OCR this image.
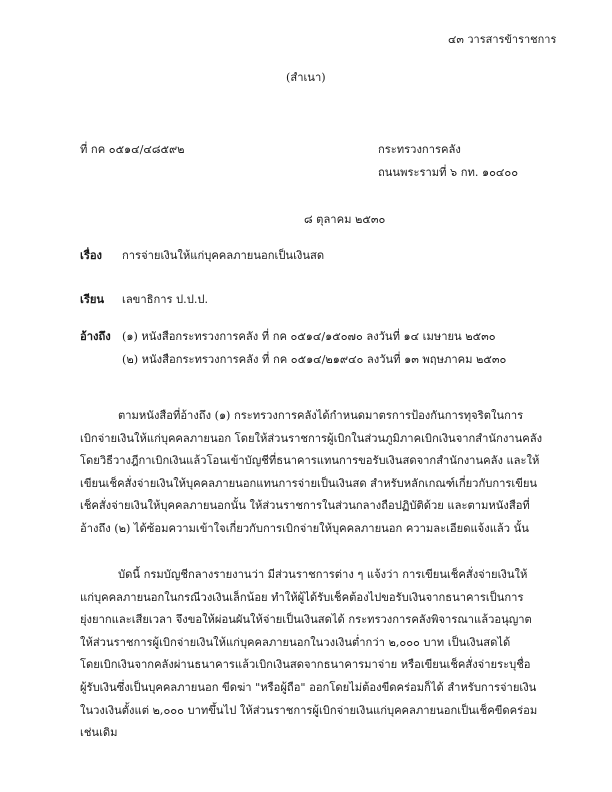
๔๓ วารสารข้าราชการ
(สำเนา)
ที่ กค ๐๕๑๔/๔๘๕๙๒	กระทรวงการคลัง
ถนนพระรามที่ ๖ กท. ๑๐๔๐๐
๘ ตุลาคม ๒๕๓๐
เรื่อง การจ่ายเงินให้แก่บุคคลภายนอกเป็นเงินสด
เรียน เลขาธิการ ป.ป.ป.
อ้างถึง (๑) หนังสือกระทรวงการคลัง ที่ กค ๐๕๑๔/๑๕๐๗๐ ลงวันที่ ๑๔ เมษายน ๒๕๓๐
(๒) หนังสือกระทรวงการคลัง ที่ กค ๐๕๑๔/๒๑๙๔๐ ลงวันที่ ๑๓ พฤษภาคม ๒๕๓๐
ตามหนังสือที่อ้างถึง (๑) กระทรวงการคลังได้กำหนดมาตรการป้องกันการทุจริตในการ
เบิกจ่ายเงินให้แก่บุคคลภายนอก โดยให้ส่วนราชการผู้เบิกในส่วนภูมิภาคเบิกเงินจากสำนักงานคลัง
โดยวิธีวางฎีกาเบิกเงินแล้วโอนเข้าบัญชีที่ธนาคารแทนการขอรับเงินสดจากสำนักงานคลัง และให้
เขียนเช็คสั่งจ่ายเงินให้บุคคลภายนอกแทนการจ่ายเป็นเงินสด สำหรับหลักเกณฑ์เกี่ยวกับการเขียน
เช็คสั่งจ่ายเงินให้บุคคลภายนอกนั้น ให้ส่วนราชการในส่วนกลางถือปฏิบัติด้วย และตามหนังสือที่
อ้างถึง (๒) ได้ซ้อมความเข้าใจเกี่ยวกับการเบิกจ่ายให้บุคคลภายนอก ความละเอียดแจ้งแล้ว นั้น
บัดนี้ กรมบัญชีกลางรายงานว่า มีส่วนราชการต่าง ๆ แจ้งว่า การเขียนเช็คสั่งจ่ายเงินให้
แก่บุคคลภายนอกในกรณีวงเงินเล็กน้อย ทำให้ผู้ได้รับเช็คต้องไปขอรับเงินจากธนาคารเป็นการ
ยุ่งยากและเสียเวลา จึงขอให้ผ่อนผันให้จ่ายเป็นเงินสดได้ กระทรวงการคลังพิจารณาแล้วอนุญาต
ให้ส่วนราชการผู้เบิกจ่ายเงินให้แก่บุคคลภายนอกในวงเงินต่ำกว่า ๒,๐๐๐ บาท เป็นเงินสดได้
โดยเบิกเงินจากคลังผ่านธนาคารแล้วเบิกเงินสดจากธนาคารมาจ่าย หรือเขียนเช็คสั่งจ่ายระบุชื่อ
ผู้รับเงินซึ่งเป็นบุคคลภายนอก ขีดฆ่า "หรือผู้ถือ" ออกโดยไม่ต้องขีดคร่อมก็ได้ สำหรับการจ่ายเงิน
ในวงเงินตั้งแต่ ๒,๐๐๐ บาทขึ้นไป ให้ส่วนราชการผู้เบิกจ่ายเงินแก่บุคคลภายนอกเป็นเช็คขีดคร่อม
เช่นเดิม
